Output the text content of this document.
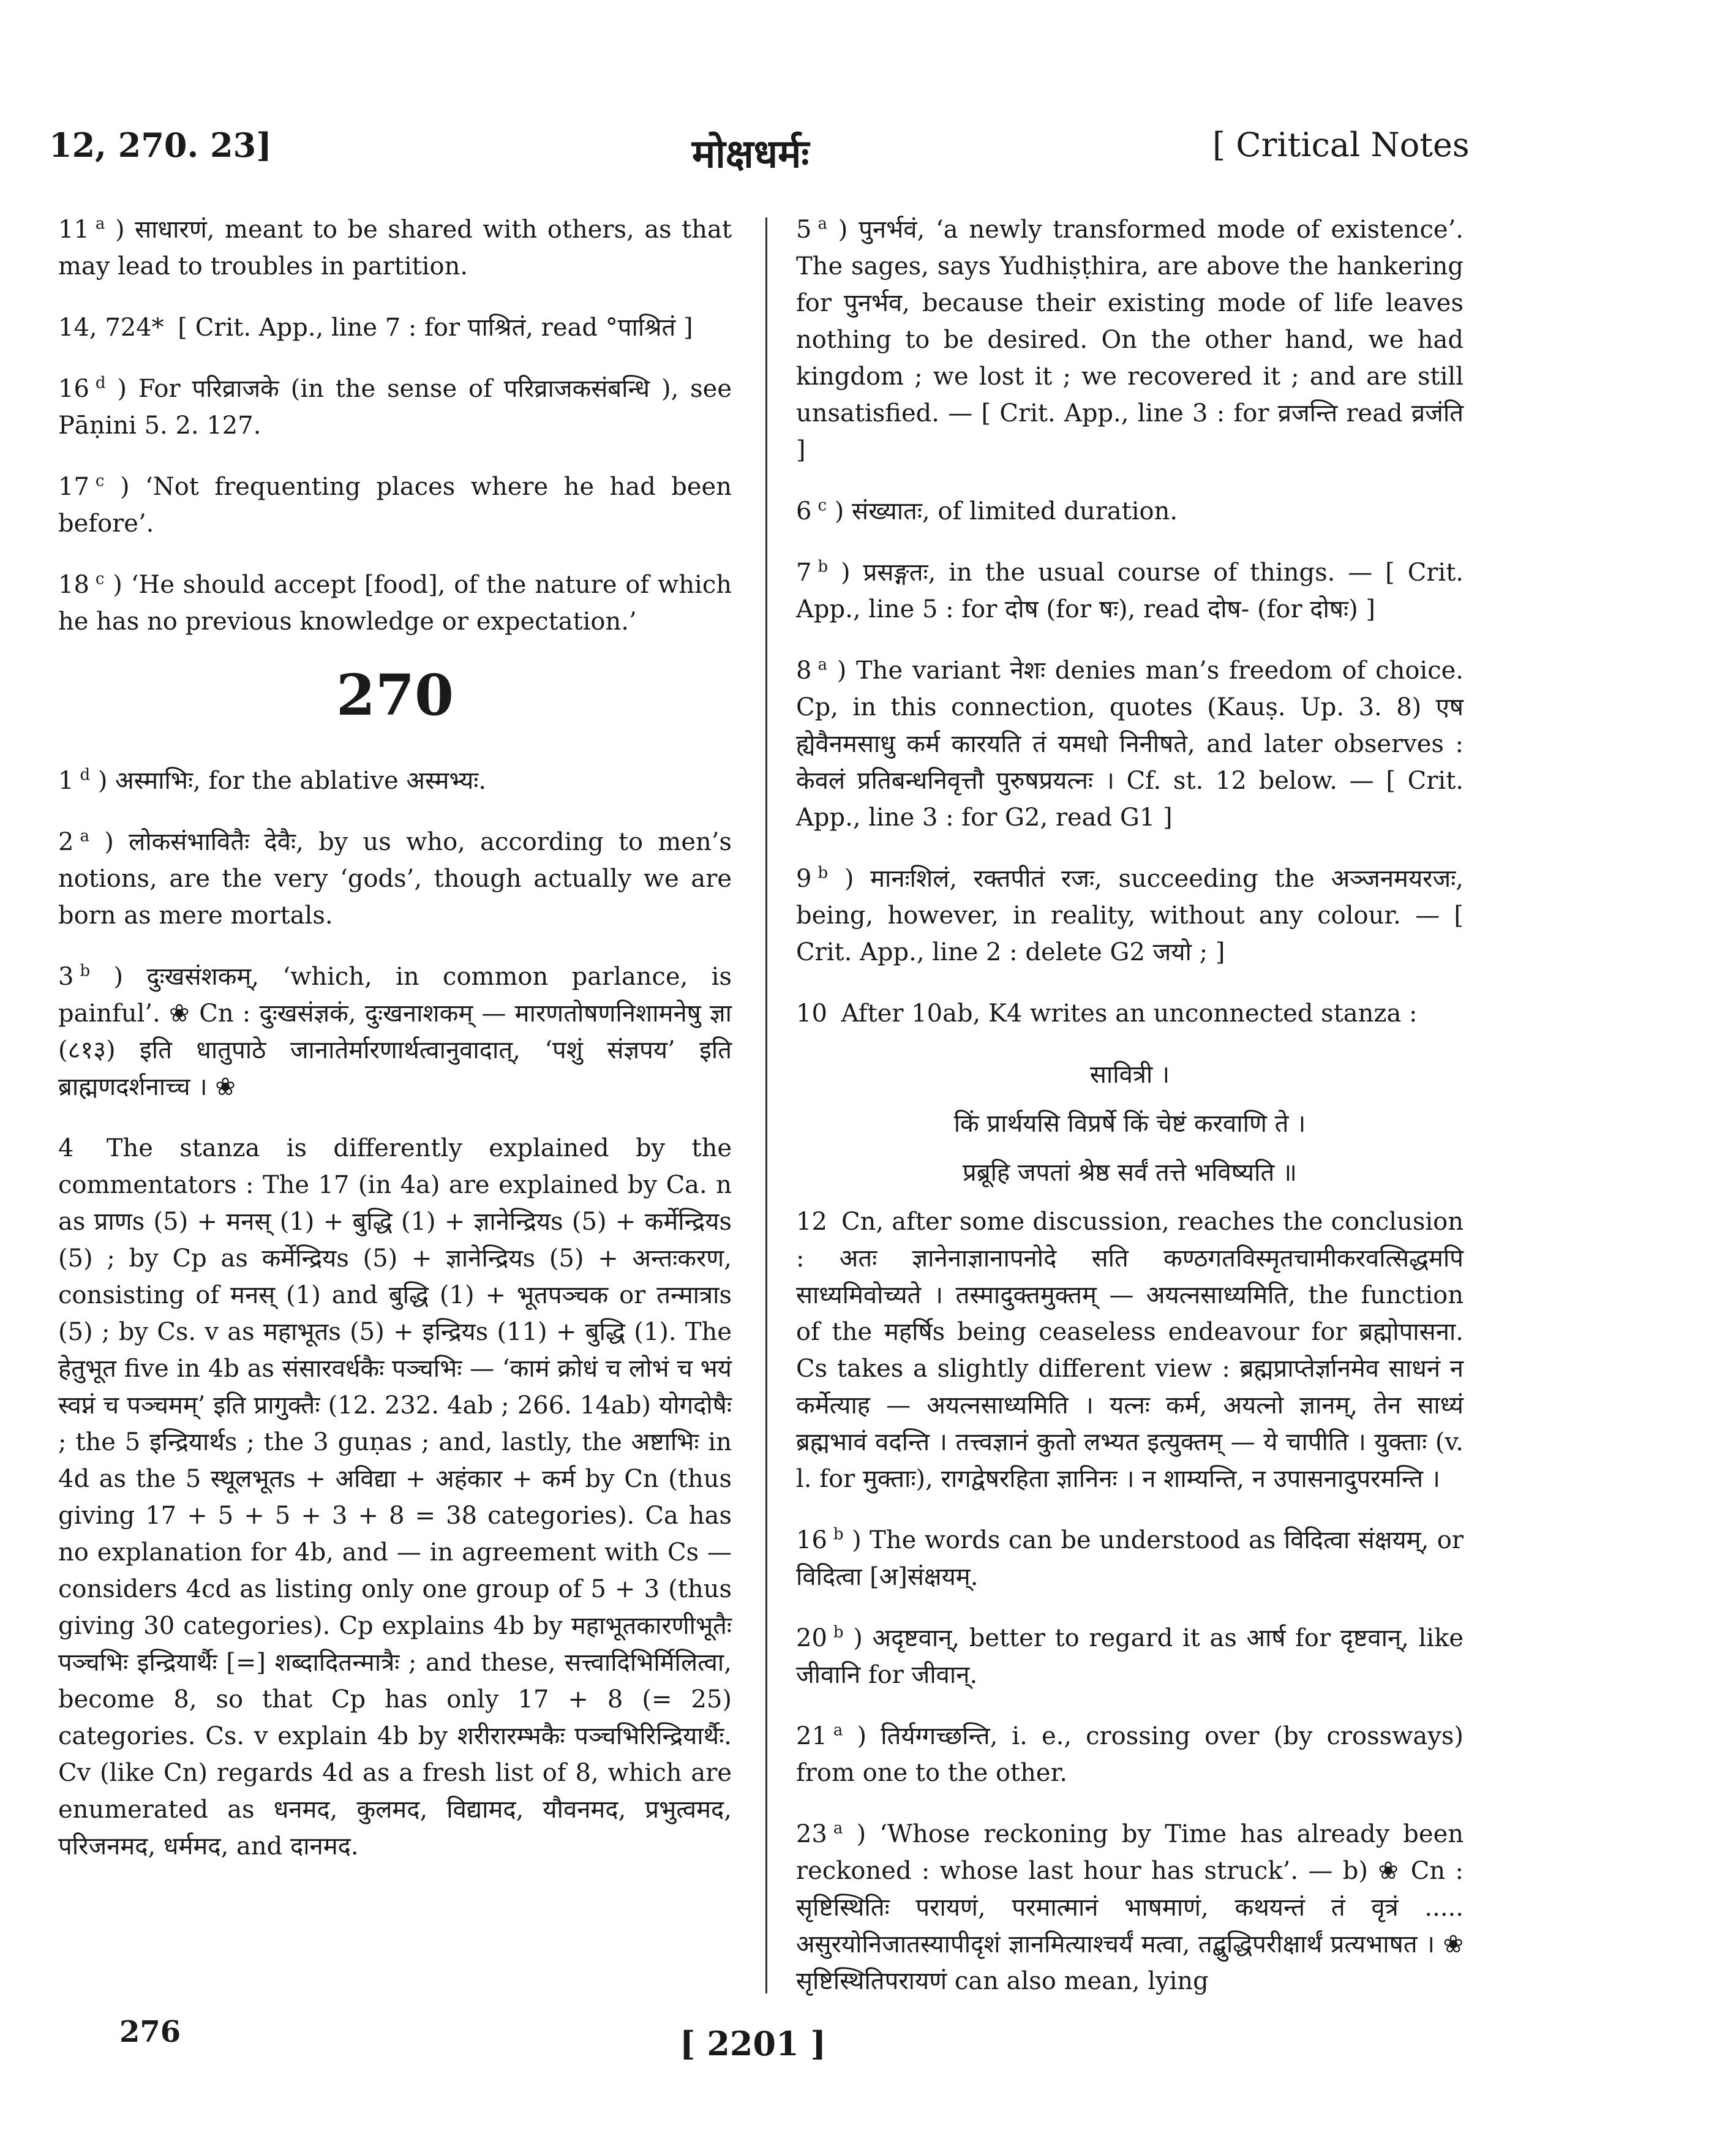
12, 270. 23]	मोक्षधर्मः	[ Critical Notes

11 $^a$ ) साधारणं, meant to be shared with others, as that may lead to troubles in partition.

14, 724* [ Crit. App., line 7 : for पाश्रितं, read °पाश्रितं ]

16 $^d$ ) For परिव्राजके (in the sense of परिव्राजकसंबन्धि ), see Pāṇini 5. 2. 127.

17 $^c$ ) ‘Not frequenting places where he had been before’.

18 $^c$ ) ‘He should accept [food], of the nature of which he has no previous knowledge or expectation.’

270

1 $^d$ ) अस्माभिः, for the ablative अस्मभ्यः.

2 $^a$ ) लोकसंभावितैः देवैः, by us who, according to men’s notions, are the very ‘gods’, though actually we are born as mere mortals.

3 $^b$ ) दुःखसंशकम्, ‘which, in common parlance, is painful’. ❀ Cn : दुःखसंज्ञकं, दुःखनाशकम् — मारणतोषणनिशामनेषु ज्ञा (८१३) इति धातुपाठे जानातेर्मारणार्थत्वानुवादात्, ‘पशुं संज्ञपय’ इति ब्राह्मणदर्शनाच्च । ❀

4 The stanza is differently explained by the commentators : The 17 (in 4a) are explained by Ca. n as प्राणs (5) + मनस् (1) + बुद्धि (1) + ज्ञानेन्द्रियs (5) + कर्मेन्द्रियs (5) ; by Cp as कर्मेन्द्रियs (5) + ज्ञानेन्द्रियs (5) + अन्तःकरण, consisting of मनस् (1) and बुद्धि (1) + भूतपञ्चक or तन्मात्राs (5) ; by Cs. v as महाभूतs (5) + इन्द्रियs (11) + बुद्धि (1). The हेतुभूत five in 4b as संसारवर्धकैः पञ्चभिः — ‘कामं क्रोधं च लोभं च भयं स्वप्नं च पञ्चमम्’ इति प्रागुक्तैः (12. 232. 4ab ; 266. 14ab) योगदोषैः ; the 5 इन्द्रियार्थs ; the 3 guṇas ; and, lastly, the अष्टाभिः in 4d as the 5 स्थूलभूतs + अविद्या + अहंकार + कर्म by Cn (thus giving 17 + 5 + 5 + 3 + 8 = 38 categories). Ca has no explanation for 4b, and — in agreement with Cs — considers 4cd as listing only one group of 5 + 3 (thus giving 30 categories). Cp explains 4b by महाभूतकारणीभूतैः पञ्चभिः इन्द्रियार्थैः [=] शब्दादितन्मात्रैः ; and these, सत्त्वादिभिर्मिलित्वा, become 8, so that Cp has only 17 + 8 (= 25) categories. Cs. v explain 4b by शरीरारम्भकैः पञ्चभिरिन्द्रियार्थैः. Cv (like Cn) regards 4d as a fresh list of 8, which are enumerated as धनमद, कुलमद, विद्यामद, यौवनमद, प्रभुत्वमद, परिजनमद, धर्ममद, and दानमद.

5 $^a$ ) पुनर्भवं, ‘a newly transformed mode of existence’. The sages, says Yudhiṣṭhira, are above the hankering for पुनर्भव, because their existing mode of life leaves nothing to be desired. On the other hand, we had kingdom ; we lost it ; we recovered it ; and are still unsatisfied. — [ Crit. App., line 3 : for व्रजन्ति read व्रजंति ]

6 $^c$ ) संख्यातः, of limited duration.

7 $^b$ ) प्रसङ्गतः, in the usual course of things. — [ Crit. App., line 5 : for दोष (for षः), read दोष- (for दोषः) ]

8 $^a$ ) The variant नेशः denies man’s freedom of choice. Cp, in this connection, quotes (Kauṣ. Up. 3. 8) एष ह्येवैनमसाधु कर्म कारयति तं यमधो निनीषते, and later observes : केवलं प्रतिबन्धनिवृत्तौ पुरुषप्रयत्नः । Cf. st. 12 below. — [ Crit. App., line 3 : for G2, read G1 ]

9 $^b$ ) मानःशिलं, रक्तपीतं रजः, succeeding the अञ्जनमयरजः, being, however, in reality, without any colour. — [ Crit. App., line 2 : delete G2 जयो ; ]

10 After 10ab, K4 writes an unconnected stanza :

सावित्री ।
किं प्रार्थयसि विप्रर्षे किं चेष्टं करवाणि ते ।
प्रब्रूहि जपतां श्रेष्ठ सर्वं तत्ते भविष्यति ॥

12 Cn, after some discussion, reaches the conclusion : अतः ज्ञानेनाज्ञानापनोदे सति कण्ठगतविस्मृतचामीकरवत्सिद्धमपि साध्यमिवोच्यते । तस्मादुक्तमुक्तम् — अयत्नसाध्यमिति, the function of the महर्षिs being ceaseless endeavour for ब्रह्मोपासना. Cs takes a slightly different view : ब्रह्मप्राप्तेर्ज्ञानमेव साधनं न कर्मेत्याह — अयत्नसाध्यमिति । यत्नः कर्म, अयत्नो ज्ञानम्, तेन साध्यं ब्रह्मभावं वदन्ति । तत्त्वज्ञानं कुतो लभ्यत इत्युक्तम् — ये चापीति । युक्ताः (v. l. for मुक्ताः), रागद्वेषरहिता ज्ञानिनः । न शाम्यन्ति, न उपासनादुपरमन्ति ।

16 $^b$ ) The words can be understood as विदित्वा संक्षयम्, or विदित्वा [अ]संक्षयम्.

20 $^b$ ) अदृष्टवान्, better to regard it as आर्ष for दृष्टवान्, like जीवानि for जीवान्.

21 $^a$ ) तिर्यग्गच्छन्ति, i. e., crossing over (by crossways) from one to the other.

23 $^a$ ) ‘Whose reckoning by Time has already been reckoned : whose last hour has struck’. — b) ❀ Cn : सृष्टिस्थितिः परायणं, परमात्मानं भाषमाणं, कथयन्तं तं वृत्रं ..... असुरयोनिजातस्यापीदृशं ज्ञानमित्याश्चर्यं मत्वा, तद्बुद्धिपरीक्षार्थं प्रत्यभाषत । ❀ सृष्टिस्थितिपरायणं can also mean, lying

276	[ 2201 ]
